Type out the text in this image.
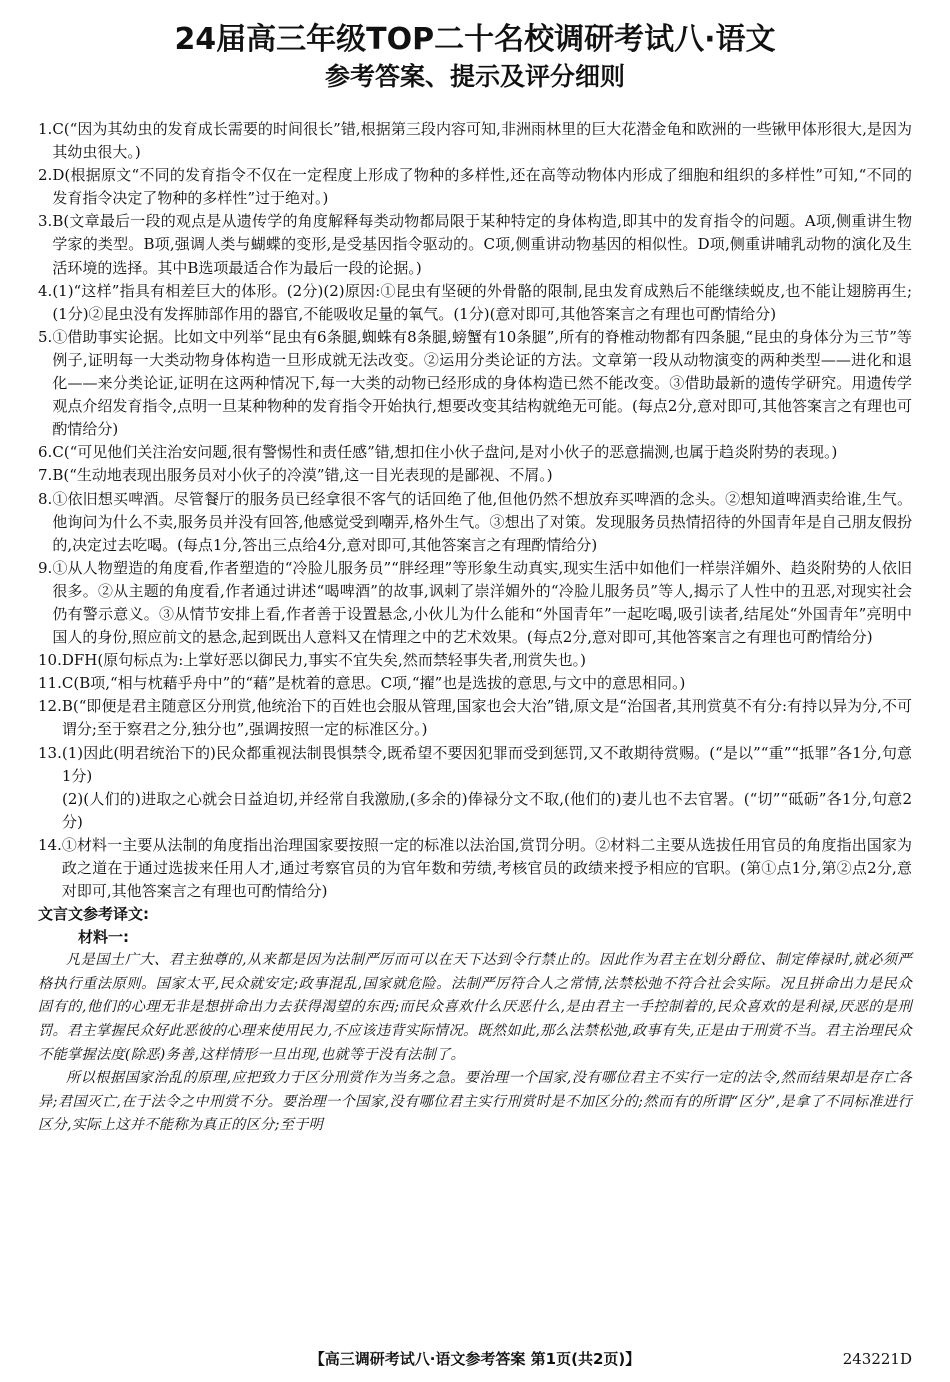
24届高三年级TOP二十名校调研考试八·语文
参考答案、提示及评分细则
1. C(“因为其幼虫的发育成长需要的时间很长”错,根据第三段内容可知,非洲雨林里的巨大花潜金龟和欧洲的一些锹甲体形很大,是因为其幼虫很大。)
2. D(根据原文“不同的发育指令不仅在一定程度上形成了物种的多样性,还在高等动物体内形成了细胞和组织的多样性”可知,“不同的发育指令决定了物种的多样性”过于绝对。)
3. B(文章最后一段的观点是从遗传学的角度解释每类动物都局限于某种特定的身体构造,即其中的发育指令的问题。A项,侧重讲生物学家的类型。B项,强调人类与蝴蝶的变形,是受基因指令驱动的。C项,侧重讲动物基因的相似性。D项,侧重讲哺乳动物的演化及生活环境的选择。其中B选项最适合作为最后一段的论据。)
4. (1)“这样”指具有相差巨大的体形。(2分)(2)原因:①昆虫有坚硬的外骨骼的限制,昆虫发育成熟后不能继续蜕皮,也不能让翅膀再生;(1分)②昆虫没有发挥肺部作用的器官,不能吸收足量的氧气。(1分)(意对即可,其他答案言之有理也可酌情给分)
5. ①借助事实论据。比如文中列举“昆虫有6条腿,蜘蛛有8条腿,螃蟹有10条腿”,所有的脊椎动物都有四条腿,“昆虫的身体分为三节”等例子,证明每一大类动物身体构造一旦形成就无法改变。②运用分类论证的方法。文章第一段从动物演变的两种类型——进化和退化——来分类论证,证明在这两种情况下,每一大类的动物已经形成的身体构造已然不能改变。③借助最新的遗传学研究。用遗传学观点介绍发育指令,点明一旦某种物种的发育指令开始执行,想要改变其结构就绝无可能。(每点2分,意对即可,其他答案言之有理也可酌情给分)
6. C(“可见他们关注治安问题,很有警惕性和责任感”错,想扣住小伙子盘问,是对小伙子的恶意揣测,也属于趋炎附势的表现。)
7. B(“生动地表现出服务员对小伙子的冷漠”错,这一目光表现的是鄙视、不屑。)
8. ①依旧想买啤酒。尽管餐厅的服务员已经拿很不客气的话回绝了他,但他仍然不想放弃买啤酒的念头。②想知道啤酒卖给谁,生气。他询问为什么不卖,服务员并没有回答,他感觉受到嘲弄,格外生气。③想出了对策。发现服务员热情招待的外国青年是自己朋友假扮的,决定过去吃喝。(每点1分,答出三点给4分,意对即可,其他答案言之有理酌情给分)
9. ①从人物塑造的角度看,作者塑造的“冷脸儿服务员”“胖经理”等形象生动真实,现实生活中如他们一样崇洋媚外、趋炎附势的人依旧很多。②从主题的角度看,作者通过讲述“喝啤酒”的故事,讽刺了崇洋媚外的“冷脸儿服务员”等人,揭示了人性中的丑恶,对现实社会仍有警示意义。③从情节安排上看,作者善于设置悬念,小伙儿为什么能和“外国青年”一起吃喝,吸引读者,结尾处“外国青年”亮明中国人的身份,照应前文的悬念,起到既出人意料又在情理之中的艺术效果。(每点2分,意对即可,其他答案言之有理也可酌情给分)
10. DFH(原句标点为:上掌好恶以御民力,事实不宜失矣,然而禁轻事失者,刑赏失也。)
11. C(B项,“相与枕藉乎舟中”的“藉”是枕着的意思。C项,“擢”也是选拔的意思,与文中的意思相同。)
12. B(“即便是君主随意区分刑赏,他统治下的百姓也会服从管理,国家也会大治”错,原文是“治国者,其刑赏莫不有分:有持以异为分,不可谓分;至于察君之分,独分也”,强调按照一定的标准区分。)
13. (1)因此(明君统治下的)民众都重视法制畏惧禁令,既希望不要因犯罪而受到惩罚,又不敢期待赏赐。(“是以”“重”“抵罪”各1分,句意1分)
(2)(人们的)进取之心就会日益迫切,并经常自我激励,(多余的)俸禄分文不取,(他们的)妻儿也不去官署。(“切”“砥砺”各1分,句意2分)
14. ①材料一主要从法制的角度指出治理国家要按照一定的标准以法治国,赏罚分明。②材料二主要从选拔任用官员的角度指出国家为政之道在于通过选拔来任用人才,通过考察官员的为官年数和劳绩,考核官员的政绩来授予相应的官职。(第①点1分,第②点2分,意对即可,其他答案言之有理也可酌情给分)
文言文参考译文:
材料一:
凡是国土广大、君主独尊的,从来都是因为法制严厉而可以在天下达到令行禁止的。因此作为君主在划分爵位、制定俸禄时,就必须严格执行重法原则。国家太平,民众就安定;政事混乱,国家就危险。法制严厉符合人之常情,法禁松弛不符合社会实际。况且拼命出力是民众固有的,他们的心理无非是想拼命出力去获得渴望的东西;而民众喜欢什么厌恶什么,是由君主一手控制着的,民众喜欢的是利禄,厌恶的是刑罚。君主掌握民众好此恶彼的心理来使用民力,不应该违背实际情况。既然如此,那么法禁松弛,政事有失,正是由于刑赏不当。君主治理民众不能掌握法度(除恶)务善,这样情形一旦出现,也就等于没有法制了。
所以根据国家治乱的原理,应把致力于区分刑赏作为当务之急。要治理一个国家,没有哪位君主不实行一定的法令,然而结果却是存亡各异;君国灭亡,在于法令之中刑赏不分。要治理一个国家,没有哪位君主实行刑赏时是不加区分的;然而有的所谓“区分”,是拿了不同标准进行区分,实际上这并不能称为真正的区分;至于明
【高三调研考试八·语文参考答案 第1页(共2页)】	243221D
